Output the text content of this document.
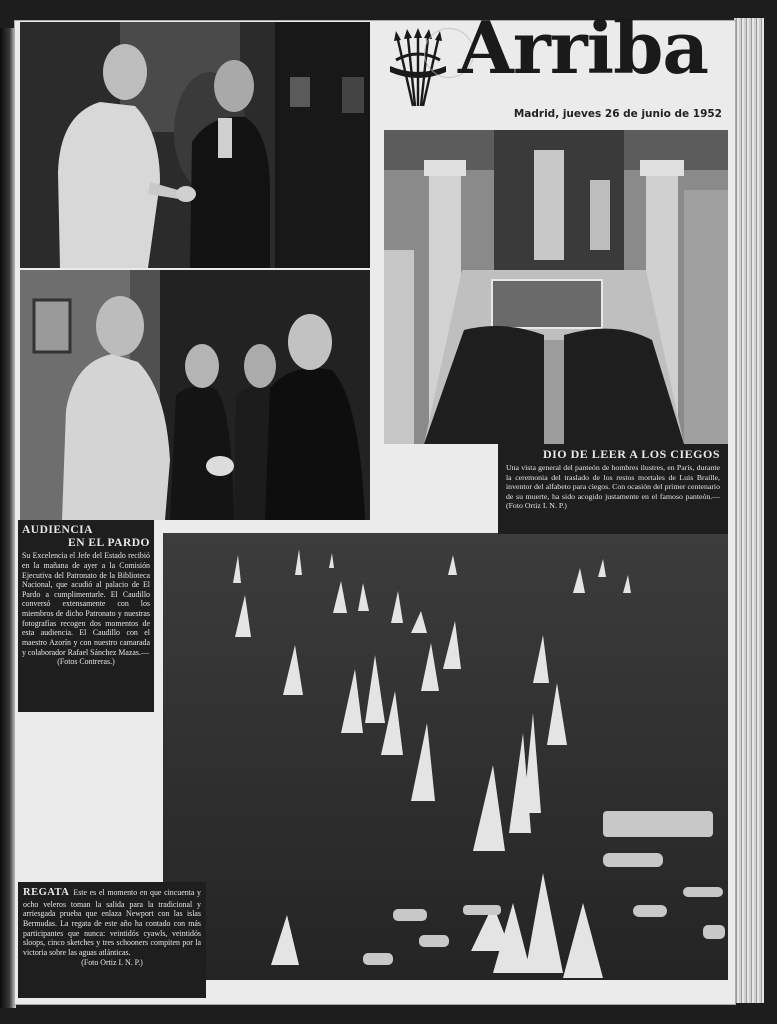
Arriba
Madrid, jueves 26 de junio de 1952
DIO DE LEER A LOS CIEGOS
Una vista general del panteón de hombres ilustres, en París, durante la ceremonia del traslado de los restos mortales de Luis Braille, inventor del alfabeto para ciegos. Con ocasión del primer centenario de su muerte, ha sido acogido justamente en el famoso panteón.—(Foto Ortiz I. N. P.)
AUDIENCIA
EN EL PARDO
Su Excelencia el Jefe del Estado recibió en la mañana de ayer a la Comisión Ejecutiva del Patronato de la Biblioteca Nacional, que acudió al palacio de El Pardo a cumplimentarle. El Caudillo conversó extensamente con los miembros de dicho Patronato y nuestras fotografías recogen dos momentos de esta audiencia. El Caudillo con el maestro Azorín y con nuestro camarada y colaborador Rafael Sánchez Mazas.—
(Fotos Contreras.)
REGATA Este es el momento en que cincuenta y ocho veleros toman la salida para la tradicional y arriesgada prueba que enlaza Newport con las islas Bermudas. La regata de este año ha contado con más participantes que nunca: veintidós cyawls, veintidós sloops, cinco sketches y tres schooners compiten por la victoria sobre las aguas atlánticas.
(Foto Ortiz I. N. P.)
